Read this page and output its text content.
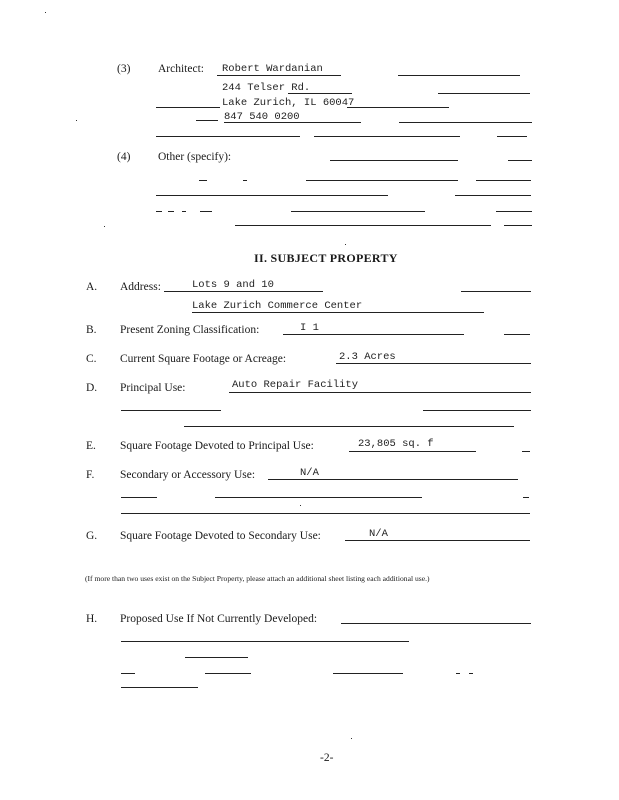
(3) Architect: Robert Wardanian
244 Telser Rd.
Lake Zurich, IL 60047
847 540 0200
(4) Other (specify):
II. SUBJECT PROPERTY
A. Address:	Lots 9 and 10
Lake Zurich Commerce Center
B. Present Zoning Classification:	I 1
C. Current Square Footage or Acreage:	2.3 Acres
D. Principal Use:	Auto Repair Facility
E. Square Footage Devoted to Principal Use:	23,805 sq. f
F. Secondary or Accessory Use:	N/A
G. Square Footage Devoted to Secondary Use:	N/A
(If more than two uses exist on the Subject Property, please attach an additional sheet listing each additional use.)
H. Proposed Use If Not Currently Developed:
-2-
